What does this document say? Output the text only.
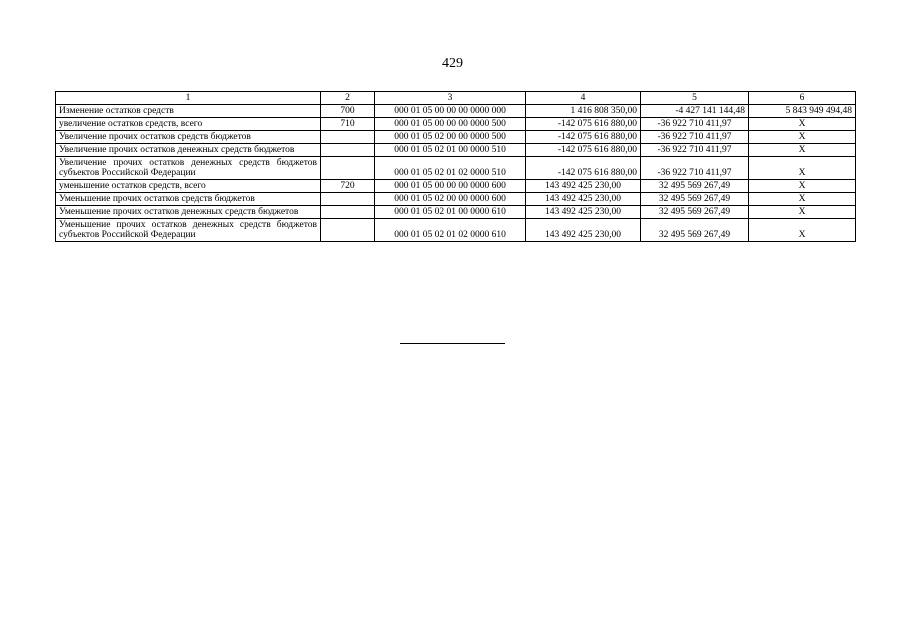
429
1	2	3	4	5	6
Изменение остатков средств	700	000 01 05 00 00 00 0000 000	1 416 808 350,00	-4 427 141 144,48	5 843 949 494,48
увеличение остатков средств, всего	710	000 01 05 00 00 00 0000 500	-142 075 616 880,00	-36 922 710 411,97	X
Увеличение прочих остатков средств бюджетов		000 01 05 02 00 00 0000 500	-142 075 616 880,00	-36 922 710 411,97	X
Увеличение прочих остатков денежных средств бюджетов		000 01 05 02 01 00 0000 510	-142 075 616 880,00	-36 922 710 411,97	X
Увеличение прочих остатков денежных средств бюджетов субъектов Российской Федерации		000 01 05 02 01 02 0000 510	-142 075 616 880,00	-36 922 710 411,97	X
уменьшение остатков средств, всего	720	000 01 05 00 00 00 0000 600	143 492 425 230,00	32 495 569 267,49	X
Уменьшение прочих остатков средств бюджетов		000 01 05 02 00 00 0000 600	143 492 425 230,00	32 495 569 267,49	X
Уменьшение прочих остатков денежных средств бюджетов		000 01 05 02 01 00 0000 610	143 492 425 230,00	32 495 569 267,49	X
Уменьшение прочих остатков денежных средств бюджетов субъектов Российской Федерации		000 01 05 02 01 02 0000 610	143 492 425 230,00	32 495 569 267,49	X
